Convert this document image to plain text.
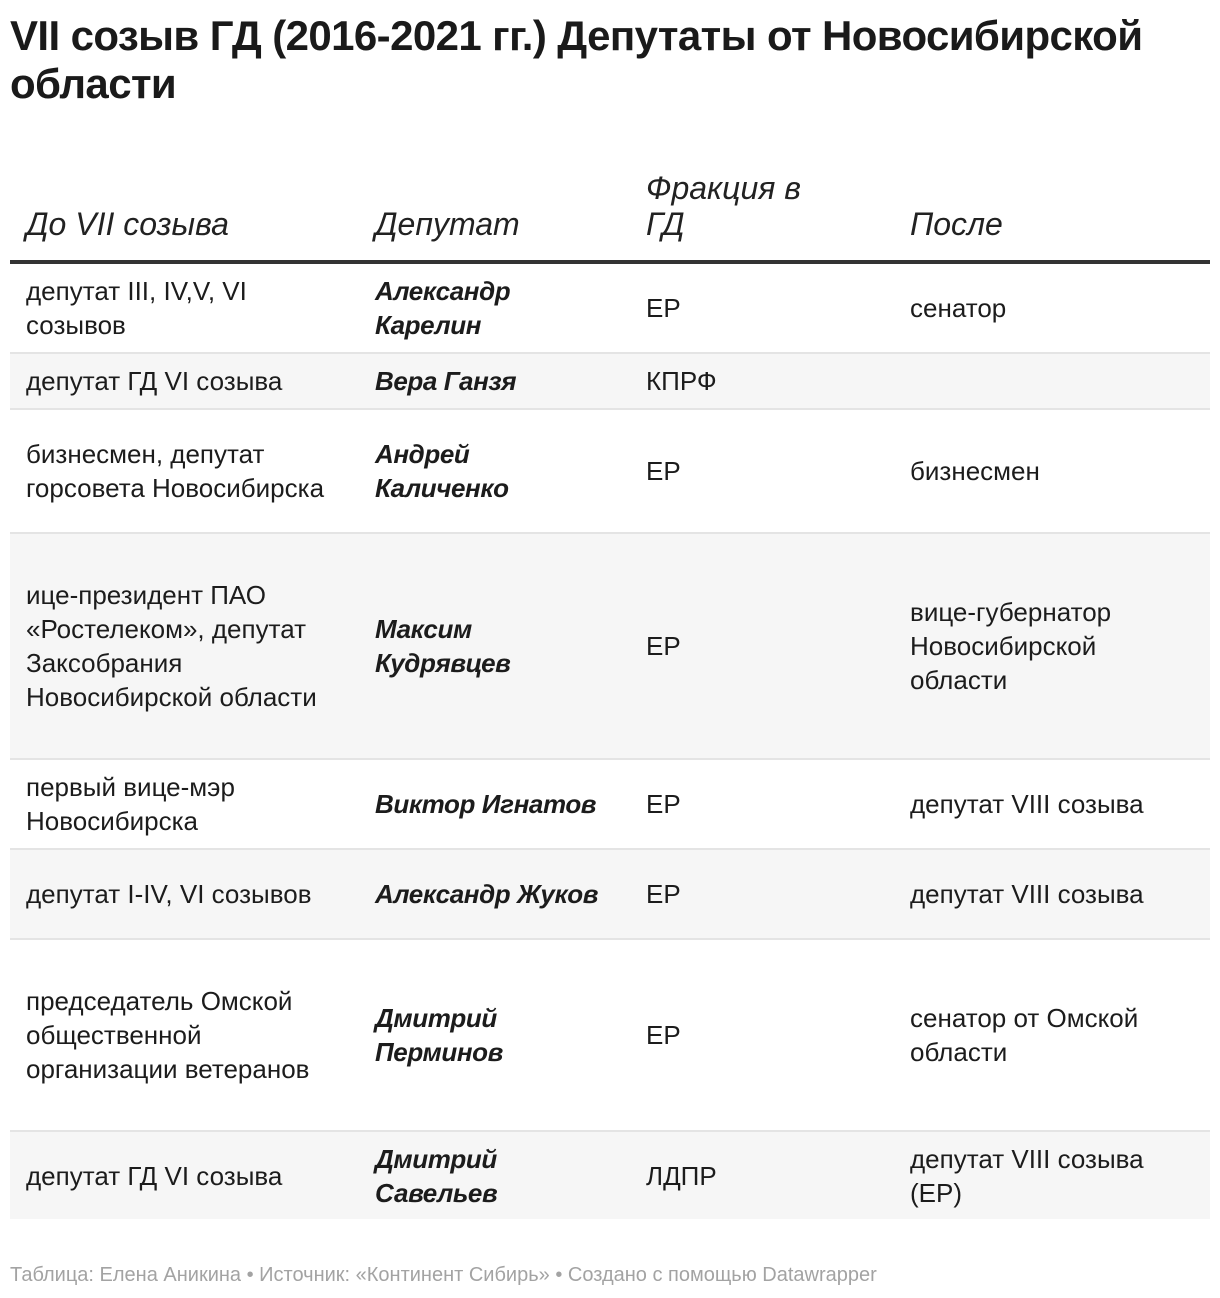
VII созыв ГД (2016-2021 гг.) Депутаты от Новосибирской области
До VII созыва	Депутат	Фракция в ГД	После
депутат III, IV,V, VI созывов	Александр Карелин	ЕР	сенатор
депутат ГД VI созыва	Вера Ганзя	КПРФ	
бизнесмен, депутат горсовета Новосибирска	Андрей Каличенко	ЕР	бизнесмен
ице-президент ПАО «Ростелеком», депутат Заксобрания Новосибирской области	Максим Кудрявцев	ЕР	вице-губернатор Новосибирской области
первый вице-мэр Новосибирска	Виктор Игнатов	ЕР	депутат VIII созыва
депутат I-IV, VI созывов	Александр Жуков	ЕР	депутат VIII созыва
председатель Омской общественной организации ветеранов	Дмитрий Перминов	ЕР	сенатор от Омской области
депутат ГД VI созыва	Дмитрий Савельев	ЛДПР	депутат VIII созыва (ЕР)
Таблица: Елена Аникина • Источник: «Континент Сибирь» • Создано с помощью Datawrapper
